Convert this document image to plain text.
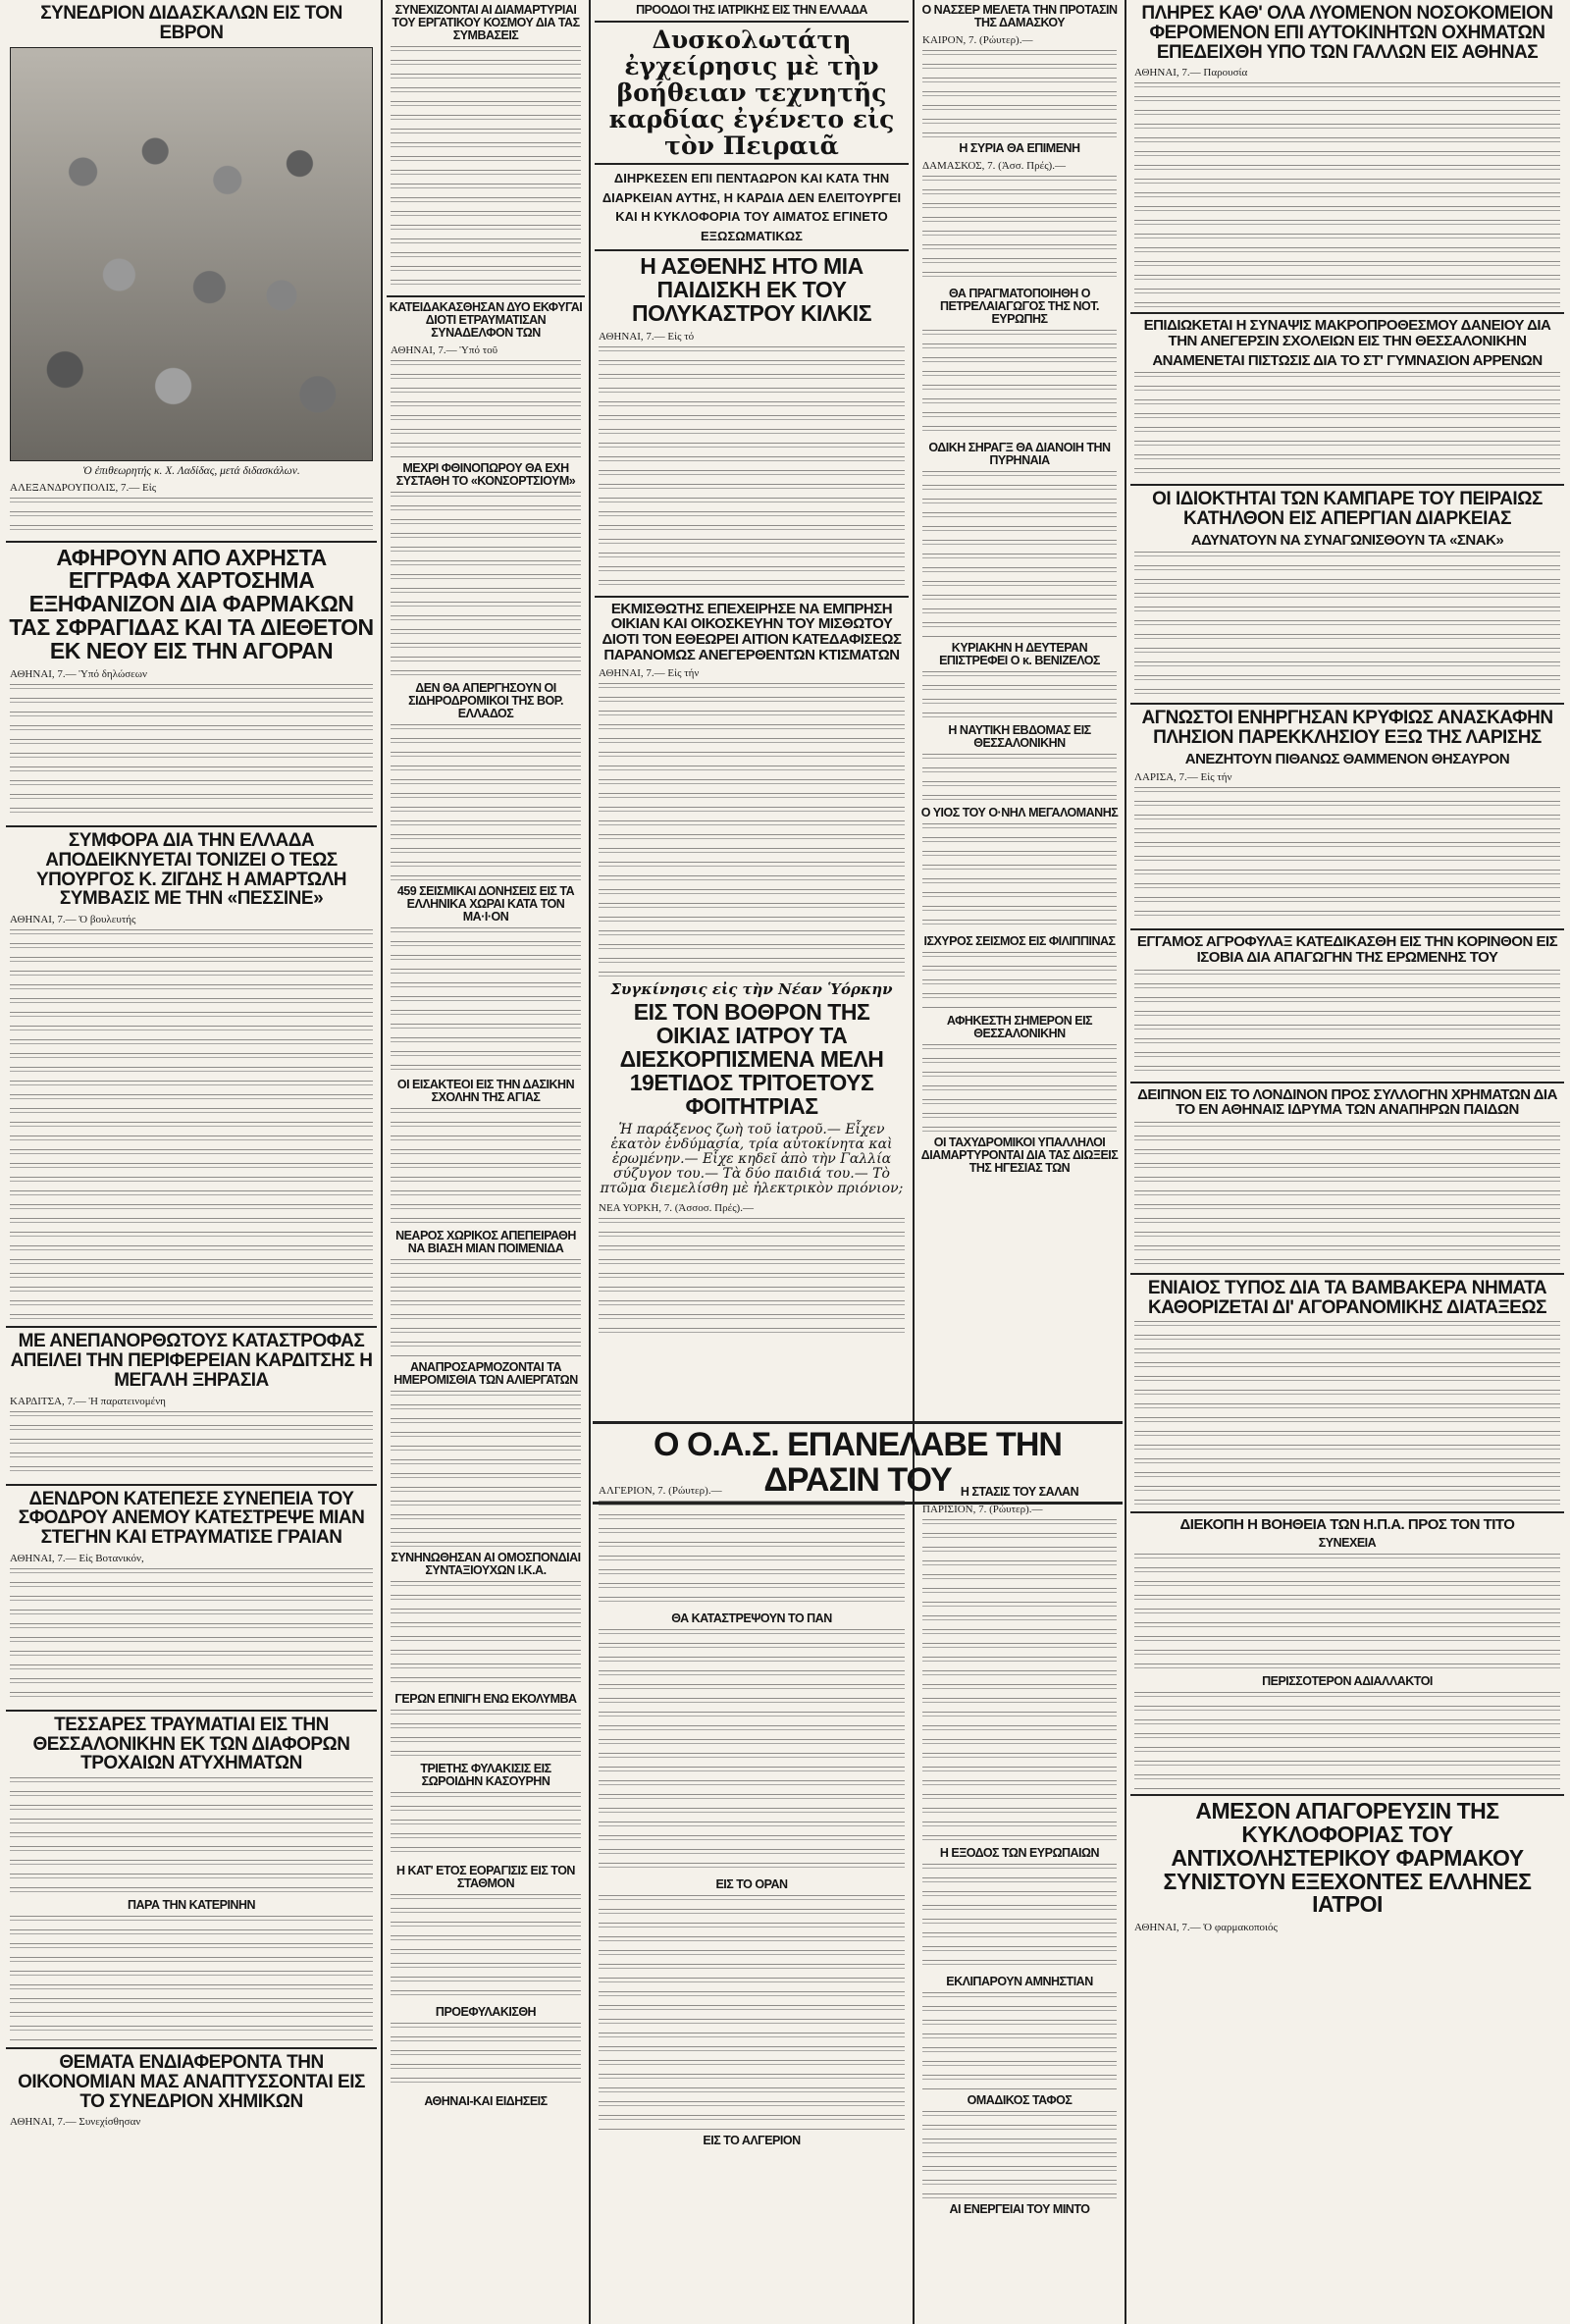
ΣΥΝΕΔΡΙΟΝ ΔΙΔΑΣΚΑΛΩΝ ΕΙΣ ΤΟΝ ΕΒΡΟΝ
Ὁ ἐπιθεωρητής κ. Χ. Λαδίδας, μετά διδασκάλων.
ΑΛΕΞΑΝΔΡΟΥΠΟΛΙΣ, 7.— Εἰς
ΑΦΗΡΟΥΝ ΑΠΟ ΑΧΡΗΣΤΑ ΕΓΓΡΑΦΑ ΧΑΡΤΟΣΗΜΑ ΕΞΗΦΑΝΙΖΟΝ ΔΙΑ ΦΑΡΜΑΚΩΝ ΤΑΣ ΣΦΡΑΓΙΔΑΣ ΚΑΙ ΤΑ ΔΙΕΘΕΤΟΝ ΕΚ ΝΕΟΥ ΕΙΣ ΤΗΝ ΑΓΟΡΑΝ
ΑΘΗΝΑΙ, 7.— Ὑπό δηλώσεων
ΣΥΜΦΟΡΑ ΔΙΑ ΤΗΝ ΕΛΛΑΔΑ ΑΠΟΔΕΙΚΝΥΕΤΑΙ ΤΟΝΙΖΕΙ Ο ΤΕΩΣ ΥΠΟΥΡΓΟΣ Κ. ΖΙΓΔΗΣ Η ΑΜΑΡΤΩΛΗ ΣΥΜΒΑΣΙΣ ΜΕ ΤΗΝ «ΠΕΣΣΙΝΕ»
ΑΘΗΝΑΙ, 7.— Ὁ βουλευτής
ΜΕ ΑΝΕΠΑΝΟΡΘΩΤΟΥΣ ΚΑΤΑΣΤΡΟΦΑΣ ΑΠΕΙΛΕΙ ΤΗΝ ΠΕΡΙΦΕΡΕΙΑΝ ΚΑΡΔΙΤΣΗΣ Η ΜΕΓΑΛΗ ΞΗΡΑΣΙΑ
ΚΑΡΔΙΤΣΑ, 7.— Ἡ παρατεινομένη
ΔΕΝΔΡΟΝ ΚΑΤΕΠΕΣΕ ΣΥΝΕΠΕΙΑ ΤΟΥ ΣΦΟΔΡΟΥ ΑΝΕΜΟΥ ΚΑΤΕΣΤΡΕΨΕ ΜΙΑΝ ΣΤΕΓΗΝ ΚΑΙ ΕΤΡΑΥΜΑΤΙΣΕ ΓΡΑΙΑΝ
ΑΘΗΝΑΙ, 7.— Εἰς Βοτανικόν,
ΤΕΣΣΑΡΕΣ ΤΡΑΥΜΑΤΙΑΙ ΕΙΣ ΤΗΝ ΘΕΣΣΑΛΟΝΙΚΗΝ ΕΚ ΤΩΝ ΔΙΑΦΟΡΩΝ ΤΡΟΧΑΙΩΝ ΑΤΥΧΗΜΑΤΩΝ
ΠΑΡΑ ΤΗΝ ΚΑΤΕΡΙΝΗΝ
ΘΕΜΑΤΑ ΕΝΔΙΑΦΕΡΟΝΤΑ ΤΗΝ ΟΙΚΟΝΟΜΙΑΝ ΜΑΣ ΑΝΑΠΤΥΣΣΟΝΤΑΙ ΕΙΣ ΤΟ ΣΥΝΕΔΡΙΟΝ ΧΗΜΙΚΩΝ
ΑΘΗΝΑΙ, 7.— Συνεχίσθησαν
ΣΥΝΕΧΙΖΟΝΤΑΙ ΑΙ ΔΙΑΜΑΡΤΥΡΙΑΙ ΤΟΥ ΕΡΓΑΤΙΚΟΥ ΚΟΣΜΟΥ ΔΙΑ ΤΑΣ ΣΥΜΒΑΣΕΙΣ
ΚΑΤΕΙΔΑΚΑΣΘΗΣΑΝ ΔΥΟ ΕΚΦΥΓΑΙ ΔΙΟΤΙ ΕΤΡΑΥΜΑΤΙΣΑΝ ΣΥΝΑΔΕΛΦΟΝ ΤΩΝ
ΑΘΗΝΑΙ, 7.— Ὑπό τοῦ
ΜΕΧΡΙ ΦΘΙΝΟΠΩΡΟΥ ΘΑ ΕΧΗ ΣΥΣΤΑΘΗ ΤΟ «ΚΟΝΣΟΡΤΣΙΟΥΜ»
ΔΕΝ ΘΑ ΑΠΕΡΓΗΣΟΥΝ ΟΙ ΣΙΔΗΡΟΔΡΟΜΙΚΟΙ ΤΗΣ ΒΟΡ. ΕΛΛΑΔΟΣ
459 ΣΕΙΣΜΙΚΑΙ ΔΟΝΗΣΕΙΣ ΕΙΣ ΤΑ ΕΛΛΗΝΙΚΑ ΧΩΡΑΙ ΚΑΤΑ ΤΟΝ ΜΑ·Ι·ΟΝ
ΟΙ ΕΙΣΑΚΤΕΟΙ ΕΙΣ ΤΗΝ ΔΑΣΙΚΗΝ ΣΧΟΛΗΝ ΤΗΣ ΑΓΙΑΣ
ΝΕΑΡΟΣ ΧΩΡΙΚΟΣ ΑΠΕΠΕΙΡΑΘΗ ΝΑ ΒΙΑΣΗ ΜΙΑΝ ΠΟΙΜΕΝΙΔΑ
ΑΝΑΠΡΟΣΑΡΜΟΖΟΝΤΑΙ ΤΑ ΗΜΕΡΟΜΙΣΘΙΑ ΤΩΝ ΑΛΙΕΡΓΑΤΩΝ
ΣΥΝΗΝΩΘΗΣΑΝ ΑΙ ΟΜΟΣΠΟΝΔΙΑΙ ΣΥΝΤΑΞΙΟΥΧΩΝ Ι.Κ.Α.
ΓΕΡΩΝ ΕΠΝΙΓΗ ΕΝΩ ΕΚΟΛΥΜΒΑ
ΤΡΙΕΤΗΣ ΦΥΛΑΚΙΣΙΣ ΕΙΣ ΣΩΡΟΙΔΗΝ ΚΑΣΟΥΡΗΝ
Η ΚΑΤ' ΕΤΟΣ ΕΟΡΑΓΙΣΙΣ ΕΙΣ ΤΟΝ ΣΤΑΘΜΟΝ
ΠΡΟΕΦΥΛΑΚΙΣΘΗ
ΑΘΗΝΑΙ-ΚΑΙ ΕΙΔΗΣΕΙΣ
ΠΡΟΟΔΟΙ ΤΗΣ ΙΑΤΡΙΚΗΣ ΕΙΣ ΤΗΝ ΕΛΛΑΔΑ
Δυσκολωτάτη ἐγχείρησις μὲ τὴν βοήθειαν τεχνητῆς καρδίας ἐγένετο εἰς τὸν Πειραιᾶ
ΔΙΗΡΚΕΣΕΝ ΕΠΙ ΠΕΝΤΑΩΡΟΝ ΚΑΙ ΚΑΤΑ ΤΗΝ ΔΙΑΡΚΕΙΑΝ ΑΥΤΗΣ, Η ΚΑΡΔΙΑ ΔΕΝ ΕΛΕΙΤΟΥΡΓΕΙ ΚΑΙ Η ΚΥΚΛΟΦΟΡΙΑ ΤΟΥ ΑΙΜΑΤΟΣ ΕΓΙΝΕΤΟ ΕΞΩΣΩΜΑΤΙΚΩΣ
Η ΑΣΘΕΝΗΣ ΗΤΟ ΜΙΑ ΠΑΙΔΙΣΚΗ ΕΚ ΤΟΥ ΠΟΛΥΚΑΣΤΡΟΥ ΚΙΛΚΙΣ
ΑΘΗΝΑΙ, 7.— Εἰς τό
ΕΚΜΙΣΘΩΤΗΣ ΕΠΕΧΕΙΡΗΣΕ ΝΑ ΕΜΠΡΗΣΗ ΟΙΚΙΑΝ ΚΑΙ ΟΙΚΟΣΚΕΥΗΝ ΤΟΥ ΜΙΣΘΩΤΟΥ ΔΙΟΤΙ ΤΟΝ ΕΘΕΩΡΕΙ ΑΙΤΙΟΝ ΚΑΤΕΔΑΦΙΣΕΩΣ ΠΑΡΑΝΟΜΩΣ ΑΝΕΓΕΡΘΕΝΤΩΝ ΚΤΙΣΜΑΤΩΝ
ΑΘΗΝΑΙ, 7.— Εἰς τήν
Συγκίνησις εἰς τὴν Νέαν Ὑόρκην
ΕΙΣ ΤΟΝ ΒΟΘΡΟΝ ΤΗΣ ΟΙΚΙΑΣ ΙΑΤΡΟΥ ΤΑ ΔΙΕΣΚΟΡΠΙΣΜΕΝΑ ΜΕΛΗ 19ΕΤΙΔΟΣ ΤΡΙΤΟΕΤΟΥΣ ΦΟΙΤΗΤΡΙΑΣ
Ἡ παράξενος ζωὴ τοῦ ἰατροῦ.— Εἶχεν ἑκατὸν ἐνδύμασία, τρία αὐτοκίνητα καὶ ἐρωμένην.— Εἶχε κηδεῖ ἀπὸ τὴν Γαλλία σύζυγον του.— Τὰ δύο παιδιά του.— Τὸ πτῶμα διεμελίσθη μὲ ἠλεκτρικὸν πριόνιον;
ΝΕΑ ΥΟΡΚΗ, 7. (Ἀσσοσ. Πρές).—
Ο Ο.Α.Σ. ΕΠΑΝΕΛΑΒΕ ΤΗΝ ΔΡΑΣΙΝ ΤΟΥ
ΑΛΓΕΡΙΟΝ, 7. (Ρώυτερ).—
ΘΑ ΚΑΤΑΣΤΡΕΨΟΥΝ ΤΟ ΠΑΝ
ΕΙΣ ΤΟ ΟΡΑΝ
ΕΙΣ ΤΟ ΑΛΓΕΡΙΟΝ
Ο ΝΑΣΣΕΡ ΜΕΛΕΤΑ ΤΗΝ ΠΡΟΤΑΣΙΝ ΤΗΣ ΔΑΜΑΣΚΟΥ
ΚΑΙΡΟΝ, 7. (Ρώυτερ).—
Η ΣΥΡΙΑ ΘΑ ΕΠΙΜΕΝΗ
ΔΑΜΑΣΚΟΣ, 7. (Ἀσσ. Πρές).—
ΘΑ ΠΡΑΓΜΑΤΟΠΟΙΗΘΗ Ο ΠΕΤΡΕΛΑΙΑΓΩΓΟΣ ΤΗΣ ΝΟΤ. ΕΥΡΩΠΗΣ
ΟΔΙΚΗ ΣΗΡΑΓΞ ΘΑ ΔΙΑΝΟΙΗ ΤΗΝ ΠΥΡΗΝΑΙΑ
ΚΥΡΙΑΚΗΝ Η ΔΕΥΤΕΡΑΝ ΕΠΙΣΤΡΕΦΕΙ Ο κ. ΒΕΝΙΖΕΛΟΣ
Η ΝΑΥΤΙΚΗ ΕΒΔΟΜΑΣ ΕΙΣ ΘΕΣΣΑΛΟΝΙΚΗΝ
Ο ΥΙΟΣ ΤΟΥ Ο·ΝΗΛ ΜΕΓΑΛΟΜΑΝΗΣ
ΙΣΧΥΡΟΣ ΣΕΙΣΜΟΣ ΕΙΣ ΦΙΛΙΠΠΙΝΑΣ
ΑΦΗΚΕΣΤΗ ΣΗΜΕΡΟΝ ΕΙΣ ΘΕΣΣΑΛΟΝΙΚΗΝ
ΟΙ ΤΑΧΥΔΡΟΜΙΚΟΙ ΥΠΑΛΛΗΛΟΙ ΔΙΑΜΑΡΤΥΡΟΝΤΑΙ ΔΙΑ ΤΑΣ ΔΙΩΞΕΙΣ ΤΗΣ ΗΓΕΣΙΑΣ ΤΩΝ
Η ΣΤΑΣΙΣ ΤΟΥ ΣΑΛΑΝ
ΠΑΡΙΣΙΟΝ, 7. (Ρώυτερ).—
Η ΕΞΟΔΟΣ ΤΩΝ ΕΥΡΩΠΑΙΩΝ
ΕΚΛΙΠΑΡΟΥΝ ΑΜΝΗΣΤΙΑΝ
ΟΜΑΔΙΚΟΣ ΤΑΦΟΣ
ΑΙ ΕΝΕΡΓΕΙΑΙ ΤΟΥ ΜΙΝΤΟ
ΠΛΗΡΕΣ ΚΑΘ' ΟΛΑ ΛΥΟΜΕΝΟΝ ΝΟΣΟΚΟΜΕΙΟΝ ΦΕΡΟΜΕΝΟΝ ΕΠΙ ΑΥΤΟΚΙΝΗΤΩΝ ΟΧΗΜΑΤΩΝ ΕΠΕΔΕΙΧΘΗ ΥΠΟ ΤΩΝ ΓΑΛΛΩΝ ΕΙΣ ΑΘΗΝΑΣ
ΑΘΗΝΑΙ, 7.— Παρουσία
ΕΠΙΔΙΩΚΕΤΑΙ Η ΣΥΝΑΨΙΣ ΜΑΚΡΟΠΡΟΘΕΣΜΟΥ ΔΑΝΕΙΟΥ ΔΙΑ ΤΗΝ ΑΝΕΓΕΡΣΙΝ ΣΧΟΛΕΙΩΝ ΕΙΣ ΤΗΝ ΘΕΣΣΑΛΟΝΙΚΗΝ
ΑΝΑΜΕΝΕΤΑΙ ΠΙΣΤΩΣΙΣ ΔΙΑ ΤΟ ΣΤ' ΓΥΜΝΑΣΙΟΝ ΑΡΡΕΝΩΝ
ΟΙ ΙΔΙΟΚΤΗΤΑΙ ΤΩΝ ΚΑΜΠΑΡΕ ΤΟΥ ΠΕΙΡΑΙΩΣ ΚΑΤΗΛΘΟΝ ΕΙΣ ΑΠΕΡΓΙΑΝ ΔΙΑΡΚΕΙΑΣ
ΑΔΥΝΑΤΟΥΝ ΝΑ ΣΥΝΑΓΩΝΙΣΘΟΥΝ ΤΑ «ΣΝΑΚ»
ΑΓΝΩΣΤΟΙ ΕΝΗΡΓΗΣΑΝ ΚΡΥΦΙΩΣ ΑΝΑΣΚΑΦΗΝ ΠΛΗΣΙΟΝ ΠΑΡΕΚΚΛΗΣΙΟΥ ΕΞΩ ΤΗΣ ΛΑΡΙΣΗΣ
ΑΝΕΖΗΤΟΥΝ ΠΙΘΑΝΩΣ ΘΑΜΜΕΝΟΝ ΘΗΣΑΥΡΟΝ
ΛΑΡΙΣΑ, 7.— Εἰς τήν
ΕΓΓΑΜΟΣ ΑΓΡΟΦΥΛΑΞ ΚΑΤΕΔΙΚΑΣΘΗ ΕΙΣ ΤΗΝ ΚΟΡΙΝΘΟΝ ΕΙΣ ΙΣΟΒΙΑ ΔΙΑ ΑΠΑΓΩΓΗΝ ΤΗΣ ΕΡΩΜΕΝΗΣ ΤΟΥ
ΔΕΙΠΝΟΝ ΕΙΣ ΤΟ ΛΟΝΔΙΝΟΝ ΠΡΟΣ ΣΥΛΛΟΓΗΝ ΧΡΗΜΑΤΩΝ ΔΙΑ ΤΟ ΕΝ ΑΘΗΝΑΙΣ ΙΔΡΥΜΑ ΤΩΝ ΑΝΑΠΗΡΩΝ ΠΑΙΔΩΝ
ΕΝΙΑΙΟΣ ΤΥΠΟΣ ΔΙΑ ΤΑ ΒΑΜΒΑΚΕΡΑ ΝΗΜΑΤΑ ΚΑΘΟΡΙΖΕΤΑΙ ΔΙ' ΑΓΟΡΑΝΟΜΙΚΗΣ ΔΙΑΤΑΞΕΩΣ
ΔΙΕΚΟΠΗ Η ΒΟΗΘΕΙΑ ΤΩΝ Η.Π.Α. ΠΡΟΣ ΤΟΝ ΤΙΤΟ
ΣΥΝΕΧΕΙΑ
ΠΕΡΙΣΣΟΤΕΡΟΝ ΑΔΙΑΛΛΑΚΤΟΙ
ΑΜΕΣΟΝ ΑΠΑΓΟΡΕΥΣΙΝ ΤΗΣ ΚΥΚΛΟΦΟΡΙΑΣ ΤΟΥ ΑΝΤΙΧΟΛΗΣΤΕΡΙΚΟΥ ΦΑΡΜΑΚΟΥ ΣΥΝΙΣΤΟΥΝ ΕΞΕΧΟΝΤΕΣ ΕΛΛΗΝΕΣ ΙΑΤΡΟΙ
ΑΘΗΝΑΙ, 7.— Ὁ φαρμακοποιός
